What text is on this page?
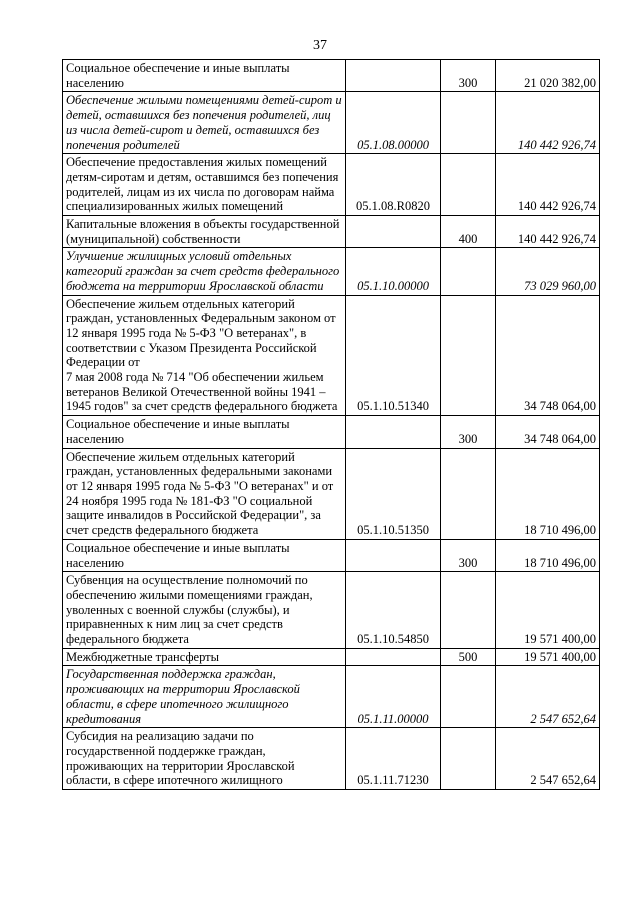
37
Социальное обеспечение и иные выплаты населению		300	21 020 382,00
Обеспечение жилыми помещениями детей-сирот и детей, оставшихся без попечения родителей, лиц из числа детей-сирот и детей, оставшихся без попечения родителей	05.1.08.00000		140 442 926,74
Обеспечение предоставления жилых помещений детям-сиротам и детям, оставшимся без попечения родителей, лицам из их числа по договорам найма специализированных жилых помещений	05.1.08.R0820		140 442 926,74
Капитальные вложения в объекты государственной (муниципальной) собственности		400	140 442 926,74
Улучшение жилищных условий отдельных категорий граждан за счет средств федерального бюджета на территории Ярославской области	05.1.10.00000		73 029 960,00
Обеспечение жильем отдельных категорий граждан, установленных Федеральным законом от 12 января 1995 года № 5-ФЗ "О ветеранах", в соответствии с Указом Президента Российской Федерации от
7 мая 2008 года № 714 "Об обеспечении жильем ветеранов Великой Отечественной войны 1941 – 1945 годов" за счет средств федерального бюджета	05.1.10.51340		34 748 064,00
Социальное обеспечение и иные выплаты населению		300	34 748 064,00
Обеспечение жильем отдельных категорий граждан, установленных федеральными законами от 12 января 1995 года № 5-ФЗ "О ветеранах" и от 24 ноября 1995 года № 181-ФЗ "О социальной защите инвалидов в Российской Федерации", за счет средств федерального бюджета	05.1.10.51350		18 710 496,00
Социальное обеспечение и иные выплаты населению		300	18 710 496,00
Субвенция на осуществление полномочий по обеспечению жилыми помещениями граждан, уволенных с военной службы (службы), и приравненных к ним лиц за счет средств федерального бюджета	05.1.10.54850		19 571 400,00
Межбюджетные трансферты		500	19 571 400,00
Государственная поддержка граждан, проживающих на территории Ярославской области, в сфере ипотечного жилищного кредитования	05.1.11.00000		2 547 652,64
Субсидия на реализацию задачи по государственной поддержке граждан, проживающих на территории Ярославской области, в сфере ипотечного жилищного	05.1.11.71230		2 547 652,64
